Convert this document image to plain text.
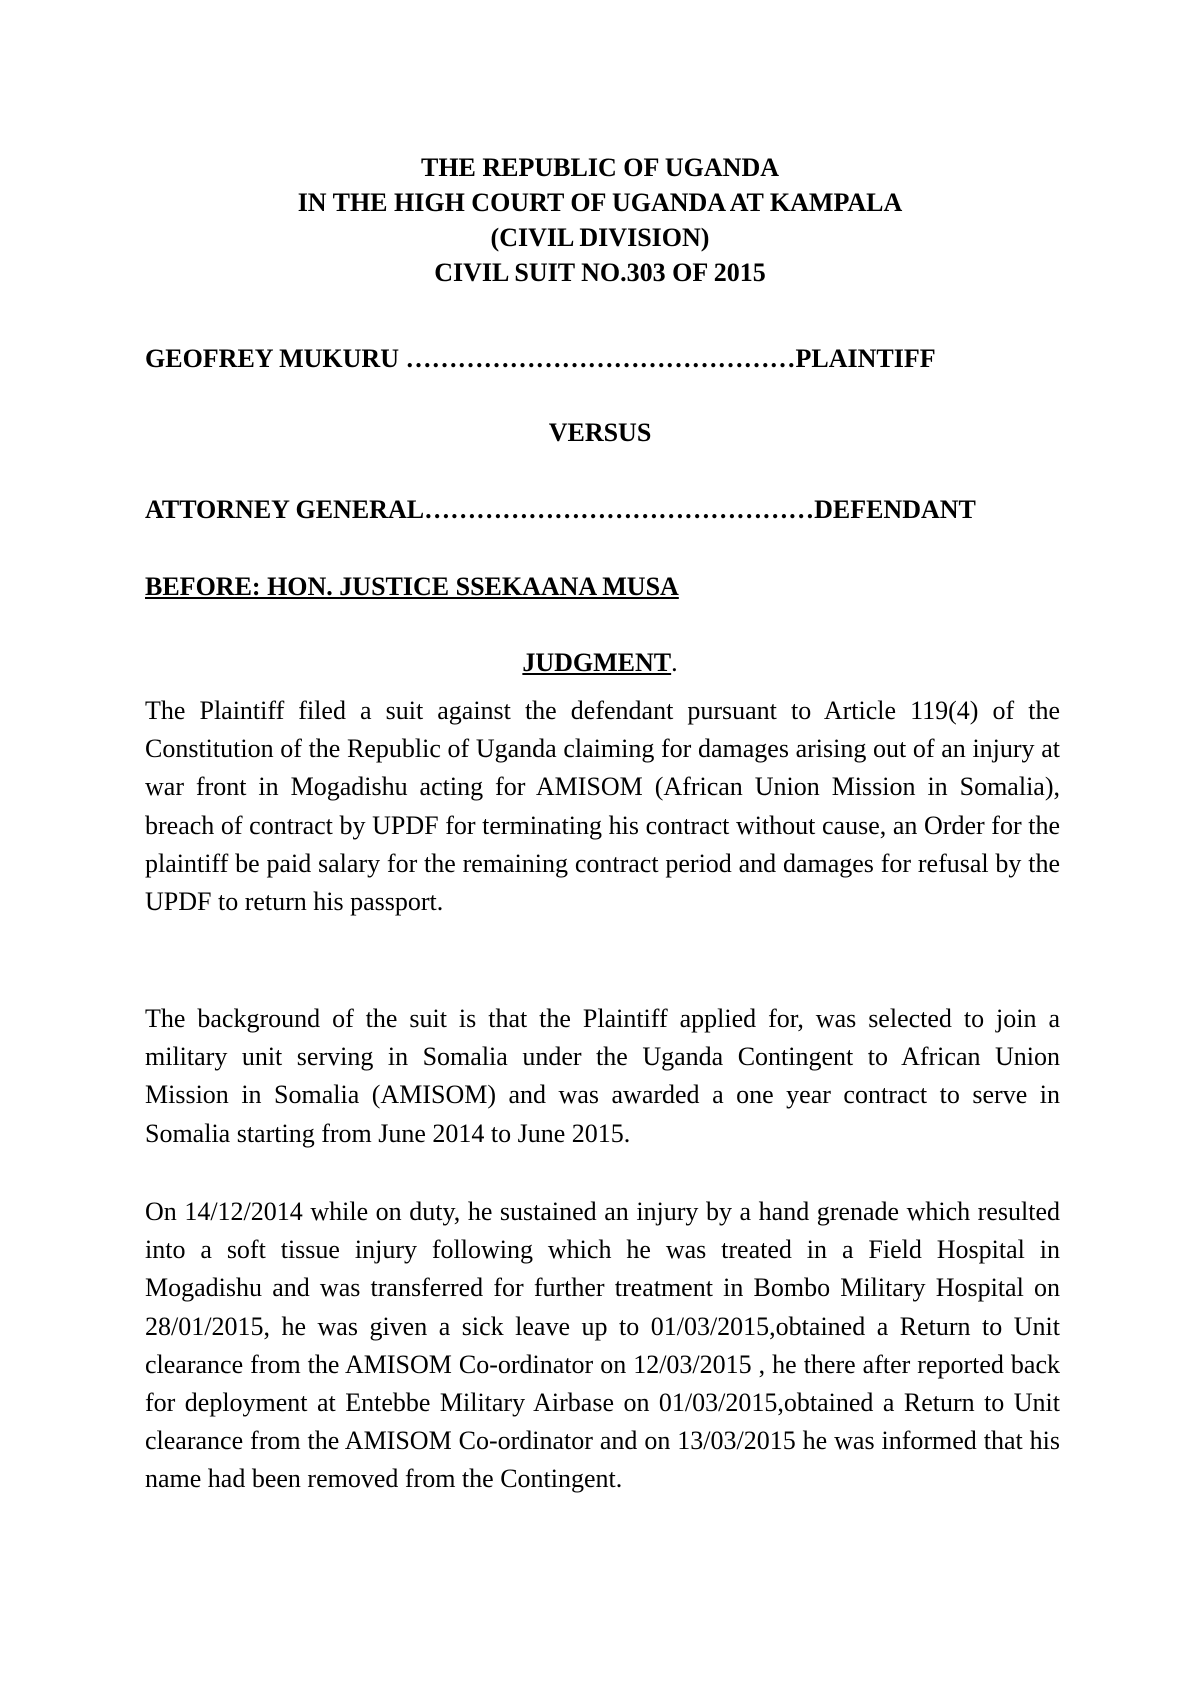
THE REPUBLIC OF UGANDA
IN THE HIGH COURT OF UGANDA AT KAMPALA
(CIVIL DIVISION)
CIVIL SUIT NO.303 OF 2015
GEOFREY MUKURU ………………………………………PLAINTIFF
VERSUS
ATTORNEY GENERAL………………………………………DEFENDANT
BEFORE: HON. JUSTICE SSEKAANA MUSA
JUDGMENT.

The Plaintiff filed a suit against the defendant pursuant to Article 119(4) of the Constitution of the Republic of Uganda claiming for damages arising out of an injury at war front in Mogadishu acting for AMISOM (African Union Mission in Somalia), breach of contract by UPDF for terminating his contract without cause, an Order for the plaintiff be paid salary for the remaining contract period and damages for refusal by the UPDF to return his passport.

The background of the suit is that the Plaintiff applied for, was selected to join a military unit serving in Somalia under the Uganda Contingent to African Union Mission in Somalia (AMISOM) and was awarded a one year contract to serve in Somalia starting from June 2014 to June 2015.

On 14/12/2014 while on duty, he sustained an injury by a hand grenade which resulted into a soft tissue injury following which he was treated in a Field Hospital in Mogadishu and was transferred for further treatment in Bombo Military Hospital on 28/01/2015, he was given a sick leave up to 01/03/2015,obtained a Return to Unit clearance from the AMISOM Co-ordinator on 12/03/2015 , he there after reported back for deployment at Entebbe Military Airbase on 01/03/2015,obtained a Return to Unit clearance from the AMISOM Co-ordinator and on 13/03/2015 he was informed that his name had been removed from the Contingent.
